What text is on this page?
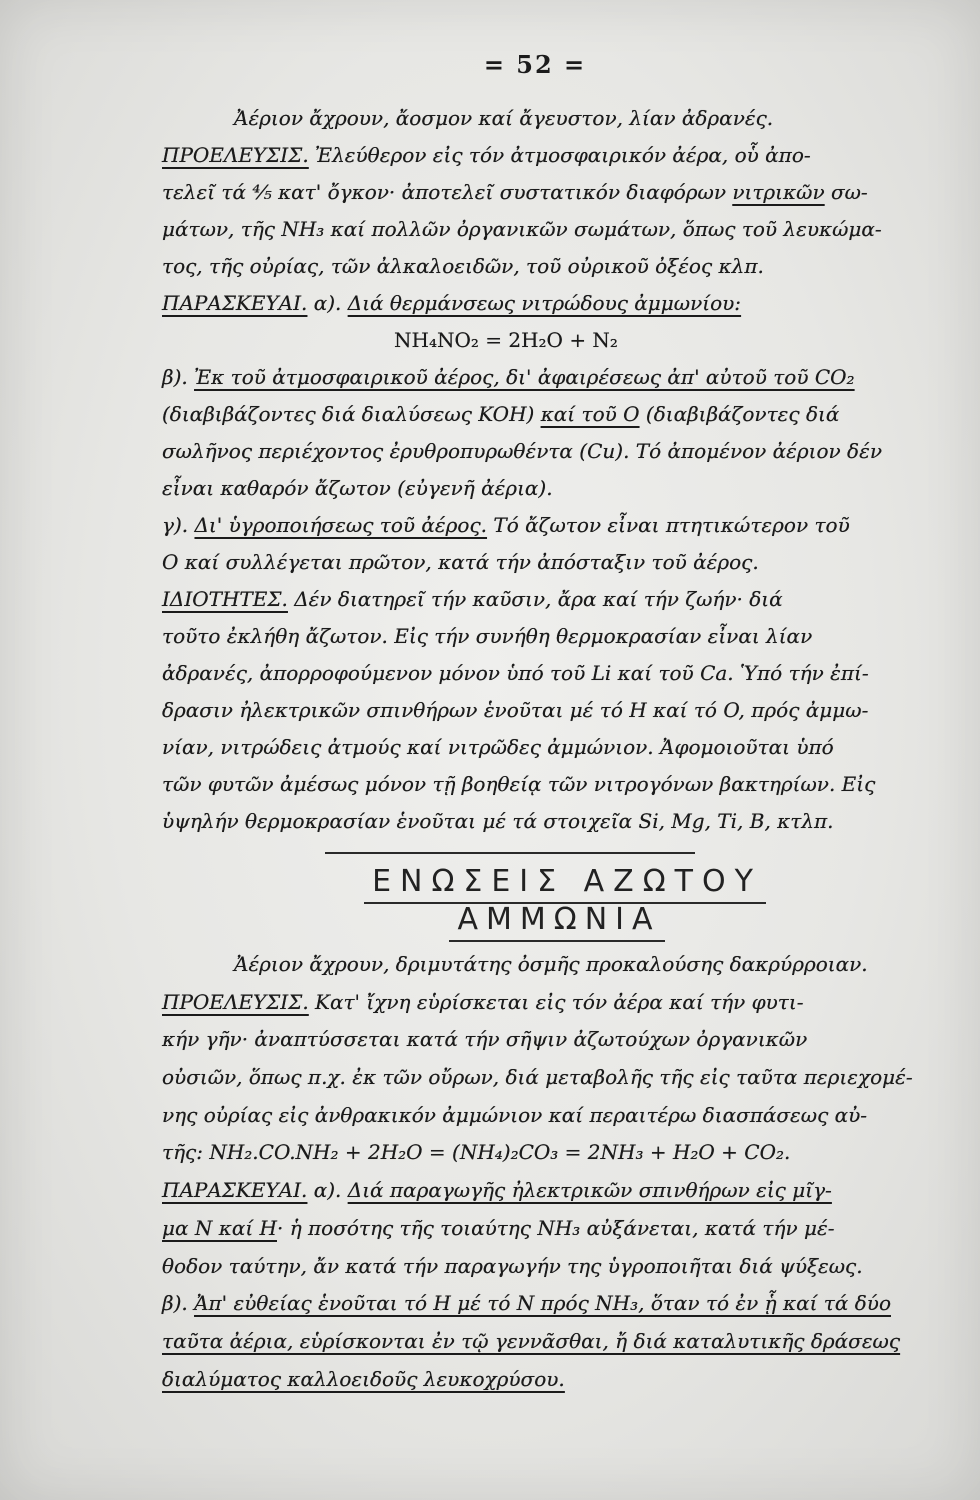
= 52 =
Ἀέριον ἄχρουν, ἄοσμον καί ἄγευστον, λίαν ἀδρανές.
ΠΡΟΕΛΕΥΣΙΣ. Ἐλεύθερον εἰς τόν ἀτμοσφαιρικόν ἀέρα, οὗ ἀπο-
τελεῖ τά ⁴⁄₅ κατ' ὄγκον· ἀποτελεῖ συστατικόν διαφόρων νιτρικῶν σω-
μάτων, τῆς NH₃ καί πολλῶν ὀργανικῶν σωμάτων, ὅπως τοῦ λευκώμα-
τος, τῆς οὐρίας, τῶν ἀλκαλοειδῶν, τοῦ οὐρικοῦ ὀξέος κλπ.
ΠΑΡΑΣΚΕΥΑΙ. α). Διά θερμάνσεως νιτρώδους ἀμμωνίου:
NH₄NO₂ = 2H₂O + N₂
β). Ἐκ τοῦ ἀτμοσφαιρικοῦ ἀέρος, δι' ἀφαιρέσεως ἀπ' αὐτοῦ τοῦ CO₂
(διαβιβάζοντες διά διαλύσεως KOH) καί τοῦ O (διαβιβάζοντες διά
σωλῆνος περιέχοντος ἐρυθροπυρωθέντα (Cu). Τό ἀπομένον ἀέριον δέν
εἶναι καθαρόν ἄζωτον (εὐγενῆ ἀέρια).
γ). Δι' ὑγροποιήσεως τοῦ ἀέρος. Τό ἄζωτον εἶναι πτητικώτερον τοῦ
O καί συλλέγεται πρῶτον, κατά τήν ἀπόσταξιν τοῦ ἀέρος.
ΙΔΙΟΤΗΤΕΣ. Δέν διατηρεῖ τήν καῦσιν, ἄρα καί τήν ζωήν· διά
τοῦτο ἐκλήθη ἄζωτον. Εἰς τήν συνήθη θερμοκρασίαν εἶναι λίαν
ἀδρανές, ἀπορροφούμενον μόνον ὑπό τοῦ Li καί τοῦ Ca. Ὑπό τήν ἐπί-
δρασιν ἠλεκτρικῶν σπινθήρων ἑνοῦται μέ τό H καί τό O, πρός ἀμμω-
νίαν, νιτρώδεις ἀτμούς καί νιτρῶδες ἀμμώνιον. Ἀφομοιοῦται ὑπό
τῶν φυτῶν ἀμέσως μόνον τῇ βοηθείᾳ τῶν νιτρογόνων βακτηρίων. Εἰς
ὑψηλήν θερμοκρασίαν ἑνοῦται μέ τά στοιχεῖα Si, Mg, Ti, B, κτλπ.
ΕΝΩΣΕΙΣ ΑΖΩΤΟΥ
ΑΜΜΩΝΙΑ
Ἀέριον ἄχρουν, δριμυτάτης ὀσμῆς προκαλούσης δακρύρροιαν.
ΠΡΟΕΛΕΥΣΙΣ. Κατ' ἴχνη εὑρίσκεται εἰς τόν ἀέρα καί τήν φυτι-
κήν γῆν· ἀναπτύσσεται κατά τήν σῆψιν ἀζωτούχων ὀργανικῶν
οὐσιῶν, ὅπως π.χ. ἐκ τῶν οὔρων, διά μεταβολῆς τῆς εἰς ταῦτα περιεχομέ-
νης οὐρίας εἰς ἀνθρακικόν ἀμμώνιον καί περαιτέρω διασπάσεως αὐ-
τῆς: NH₂.CO.NH₂ + 2H₂O = (NH₄)₂CO₃ = 2NH₃ + H₂O + CO₂.
ΠΑΡΑΣΚΕΥΑΙ. α). Διά παραγωγῆς ἠλεκτρικῶν σπινθήρων εἰς μῖγ-
μα N καί H· ἡ ποσότης τῆς τοιαύτης NH₃ αὐξάνεται, κατά τήν μέ-
θοδον ταύτην, ἄν κατά τήν παραγωγήν της ὑγροποιῆται διά ψύξεως.
β). Ἀπ' εὐθείας ἑνοῦται τό H μέ τό N πρός NH₃, ὅταν τό ἐν ᾗ καί τά δύο
ταῦτα ἀέρια, εὑρίσκονται ἐν τῷ γεννᾶσθαι, ἤ διά καταλυτικῆς δράσεως
διαλύματος καλλοειδοῦς λευκοχρύσου.
